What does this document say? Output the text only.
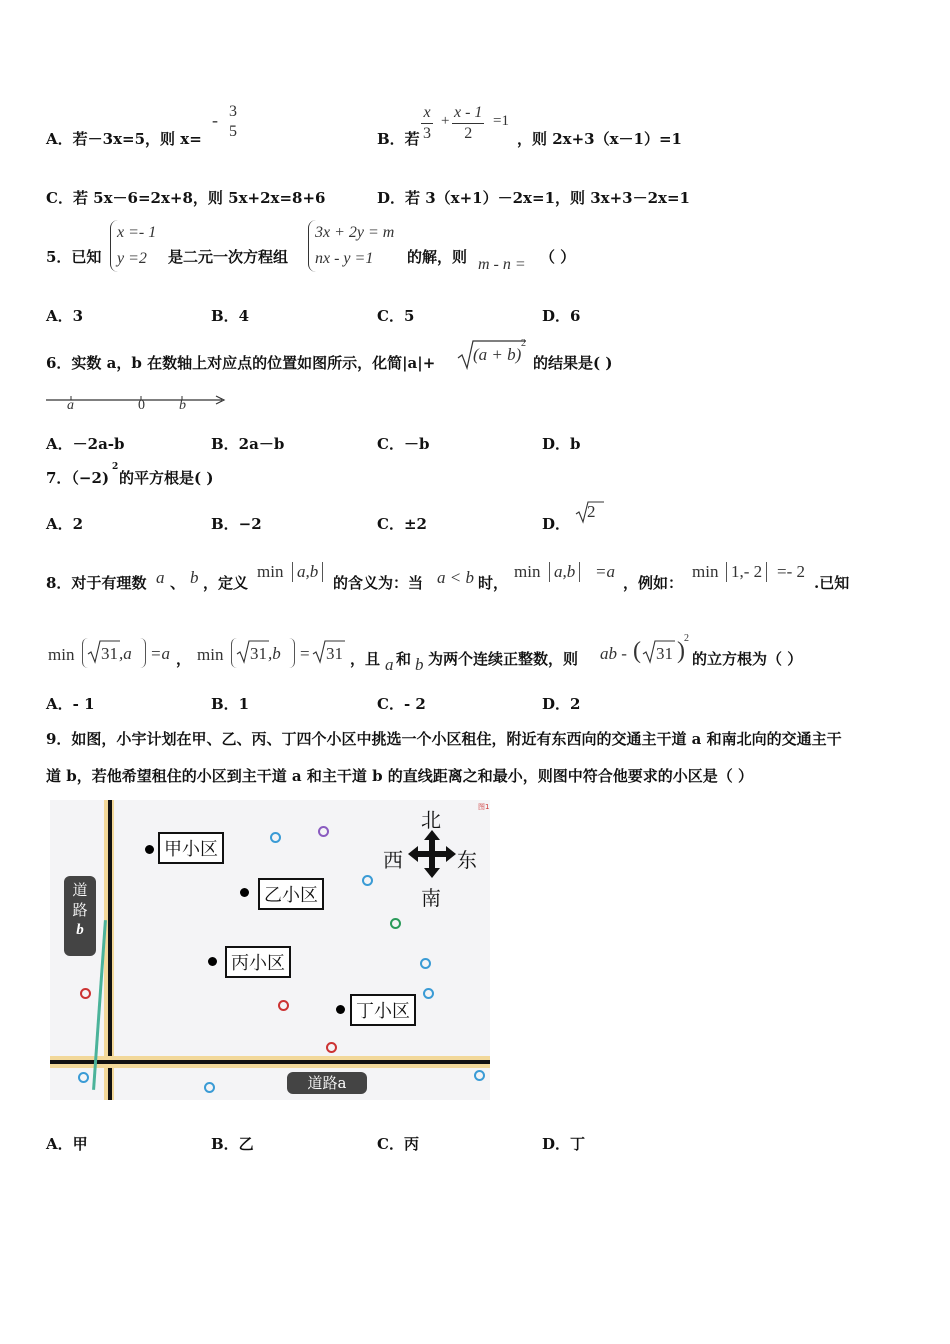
A．若－3x=5，则 x=
- 3
5	B．若 $\frac{x}{3} + \frac{x - 1}{2} =1$
，则 2x+3（x－1）=1
C．若 5x－6=2x+8，则 5x+2x=8+6	D．若 3（x+1）－2x=1，则 3x+3－2x=1
5．已知
x =- 1
y =2	是二元一次方程组
3x + 2y = m
nx - y =1	的解，则 m - n = （ ）
A．3	B．4	C．5	D．6
6．实数 a，b 在数轴上对应点的位置如图所示，化简|a|+ (a + b)
2
的结果是( )
a	0 b
A．－2a-b	B．2a－b	C．－b	D．b
7．（−2)
2
的平方根是( )
A．2	B．−2	C．±2	D．
2
8．对于有理数 a 、 b ，定义
min a,b
的含义为：当 a < b 时，
min a,b =a
，例如：
min 1,- 2 =- 2
.已知
min 31 ,a =a ， min 31 ,b = 31 ，且 a 和 b 为两个连续正整数，则 ab - ( 31 ) 2
的立方根为（ ）
A．- 1	B．1	C．- 2	D．2
9．如图，小宇计划在甲、乙、丙、丁四个小区中挑选一个小区租住，附近有东西向的交通主干道 a 和南北向的交通主干
道 b，若他希望租住的小区到主干道 a 和主干道 b 的直线距离之和最小，则图中符合他要求的小区是（ ）
甲小区
乙小区
丙小区
丁小区
北
西	东
南
图1
道
路
b
道路a
A．甲	B．乙	C．丙	D．丁
